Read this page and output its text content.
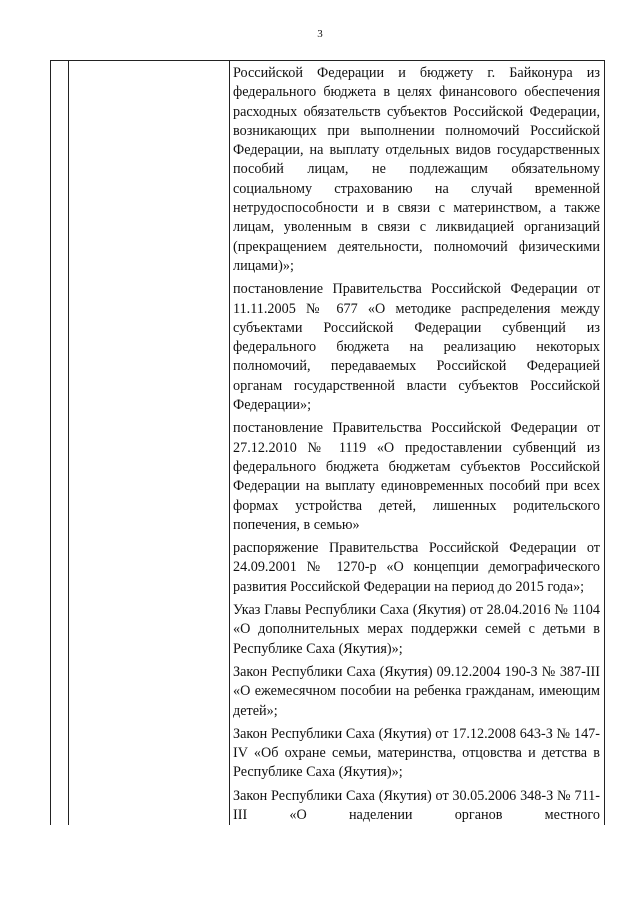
3
Российской Федерации и бюджету г. Байконура из федерального бюджета в целях финансового обеспечения расходных обязательств субъектов Российской Федерации, возникающих при выполнении полномочий Российской Федерации, на выплату отдельных видов государственных пособий лицам, не подлежащим обязательному социальному страхованию на случай временной нетрудоспособности и в связи с материнством, а также лицам, уволенным в связи с ликвидацией организаций (прекращением деятельности, полномочий физическими лицами)»;
постановление Правительства Российской Федерации от 11.11.2005 № 677 «О методике распределения между субъектами Российской Федерации субвенций из федерального бюджета на реализацию некоторых полномочий, передаваемых Российской Федерацией органам государственной власти субъектов Российской Федерации»;
постановление Правительства Российской Федерации от 27.12.2010 № 1119 «О предоставлении субвенций из федерального бюджета бюджетам субъектов Российской Федерации на выплату единовременных пособий при всех формах устройства детей, лишенных родительского попечения, в семью»
распоряжение Правительства Российской Федерации от 24.09.2001 № 1270-р «О концепции демографического развития Российской Федерации на период до 2015 года»;
Указ Главы Республики Саха (Якутия) от 28.04.2016 № 1104 «О дополнительных мерах поддержки семей с детьми в Республике Саха (Якутия)»;
Закон Республики Саха (Якутия) 09.12.2004 190-З № 387-III «О ежемесячном пособии на ребенка гражданам, имеющим детей»;
Закон Республики Саха (Якутия) от 17.12.2008 643-З № 147-IV «Об охране семьи, материнства, отцовства и детства в Республике Саха (Якутия)»;
Закон Республики Саха (Якутия) от 30.05.2006 348-З № 711-III «О наделении органов местного
